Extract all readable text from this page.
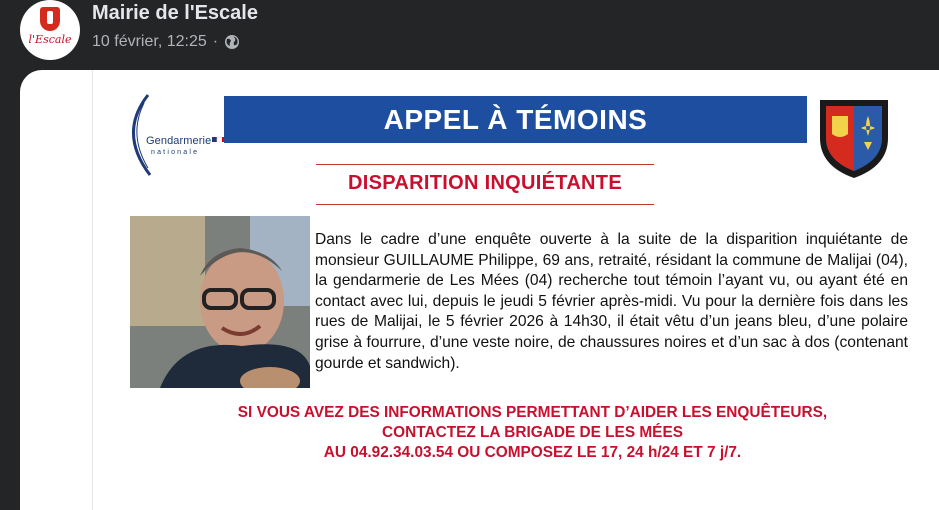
l'Escale
Mairie de l'Escale
10 février, 12:25 ·
Gendarmerie
nationale
APPEL À TÉMOINS
DISPARITION INQUIÉTANTE
Dans le cadre d’une enquête ouverte à la suite de la disparition inquiétante de monsieur GUILLAUME Philippe, 69 ans, retraité, résidant la commune de Malijai (04), la gendarmerie de Les Mées (04) recherche tout témoin l’ayant vu, ou ayant été en contact avec lui, depuis le jeudi 5 février après-midi. Vu pour la dernière fois dans les rues de Malijai, le 5 février 2026 à 14h30, il était vêtu d’un jeans bleu, d’une polaire grise à fourrure, d’une veste noire, de chaussures noires et d’un sac à dos (contenant gourde et sandwich).
SI VOUS AVEZ DES INFORMATIONS PERMETTANT D’AIDER LES ENQUÊTEURS,
CONTACTEZ LA BRIGADE DE LES MÉES
AU 04.92.34.03.54 OU COMPOSEZ LE 17, 24 h/24 ET 7 j/7.
